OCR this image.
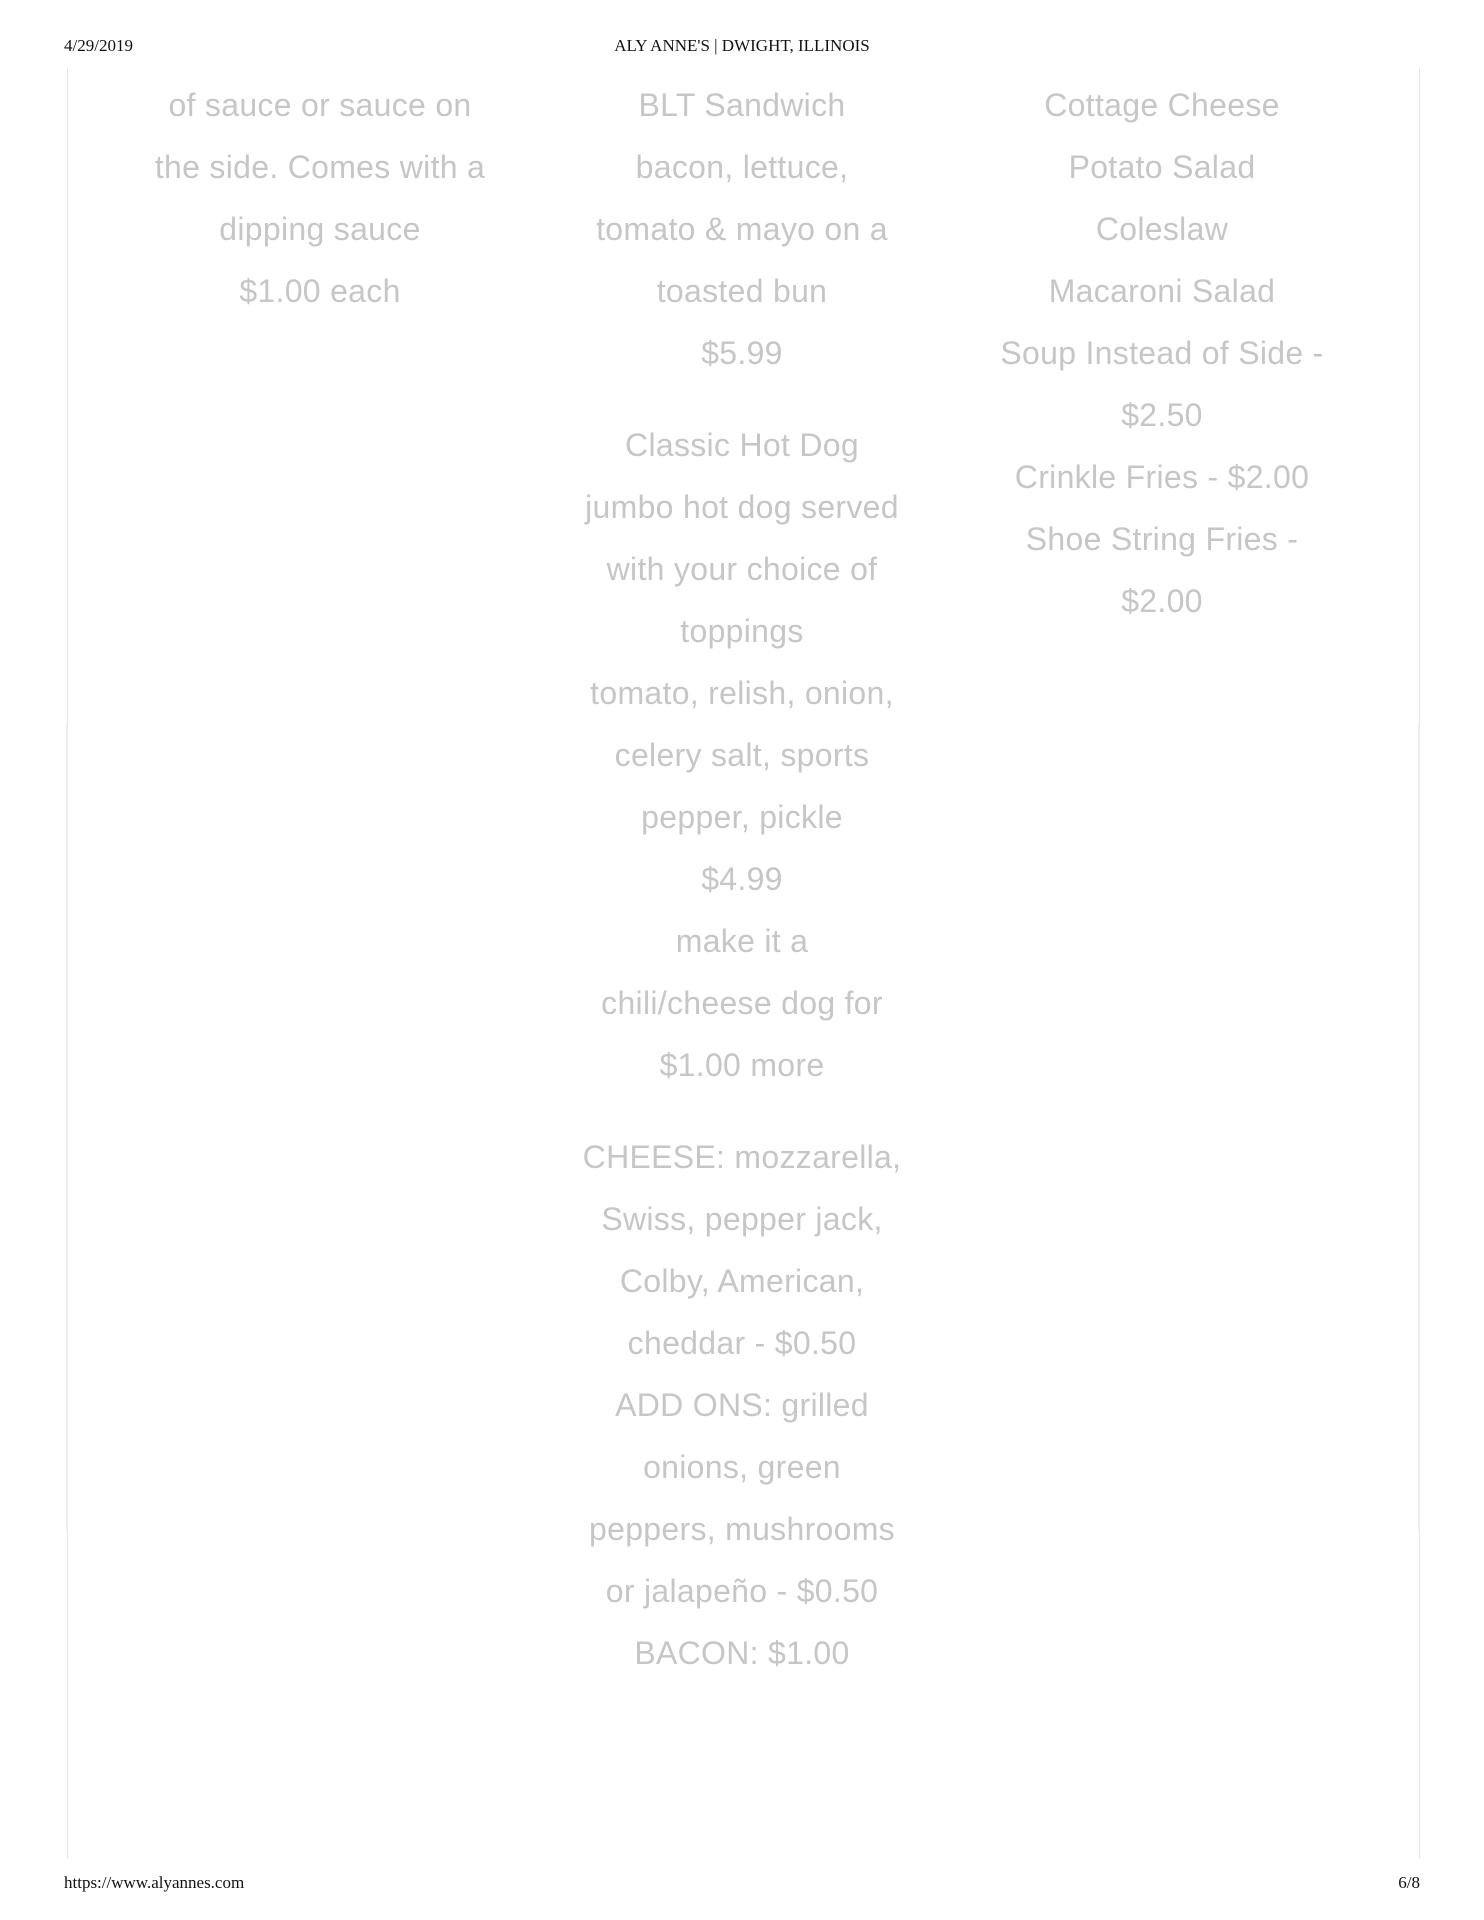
4/29/2019	ALY ANNE'S | DWIGHT, ILLINOIS
of sauce or sauce on
the side. Comes with a
dipping sauce
$1.00 each
BLT Sandwich
bacon, lettuce,
tomato & mayo on a
toasted bun
$5.99
Classic Hot Dog
jumbo hot dog served
with your choice of
toppings
tomato, relish, onion,
celery salt, sports
pepper, pickle
$4.99
make it a
chili/cheese dog for
$1.00 more
CHEESE: mozzarella,
Swiss, pepper jack,
Colby, American,
cheddar - $0.50
ADD ONS: grilled
onions, green
peppers, mushrooms
or jalapeño - $0.50
BACON: $1.00
Cottage Cheese
Potato Salad
Coleslaw
Macaroni Salad
Soup Instead of Side -
$2.50
Crinkle Fries - $2.00
Shoe String Fries -
$2.00
https://www.alyannes.com	6/8
